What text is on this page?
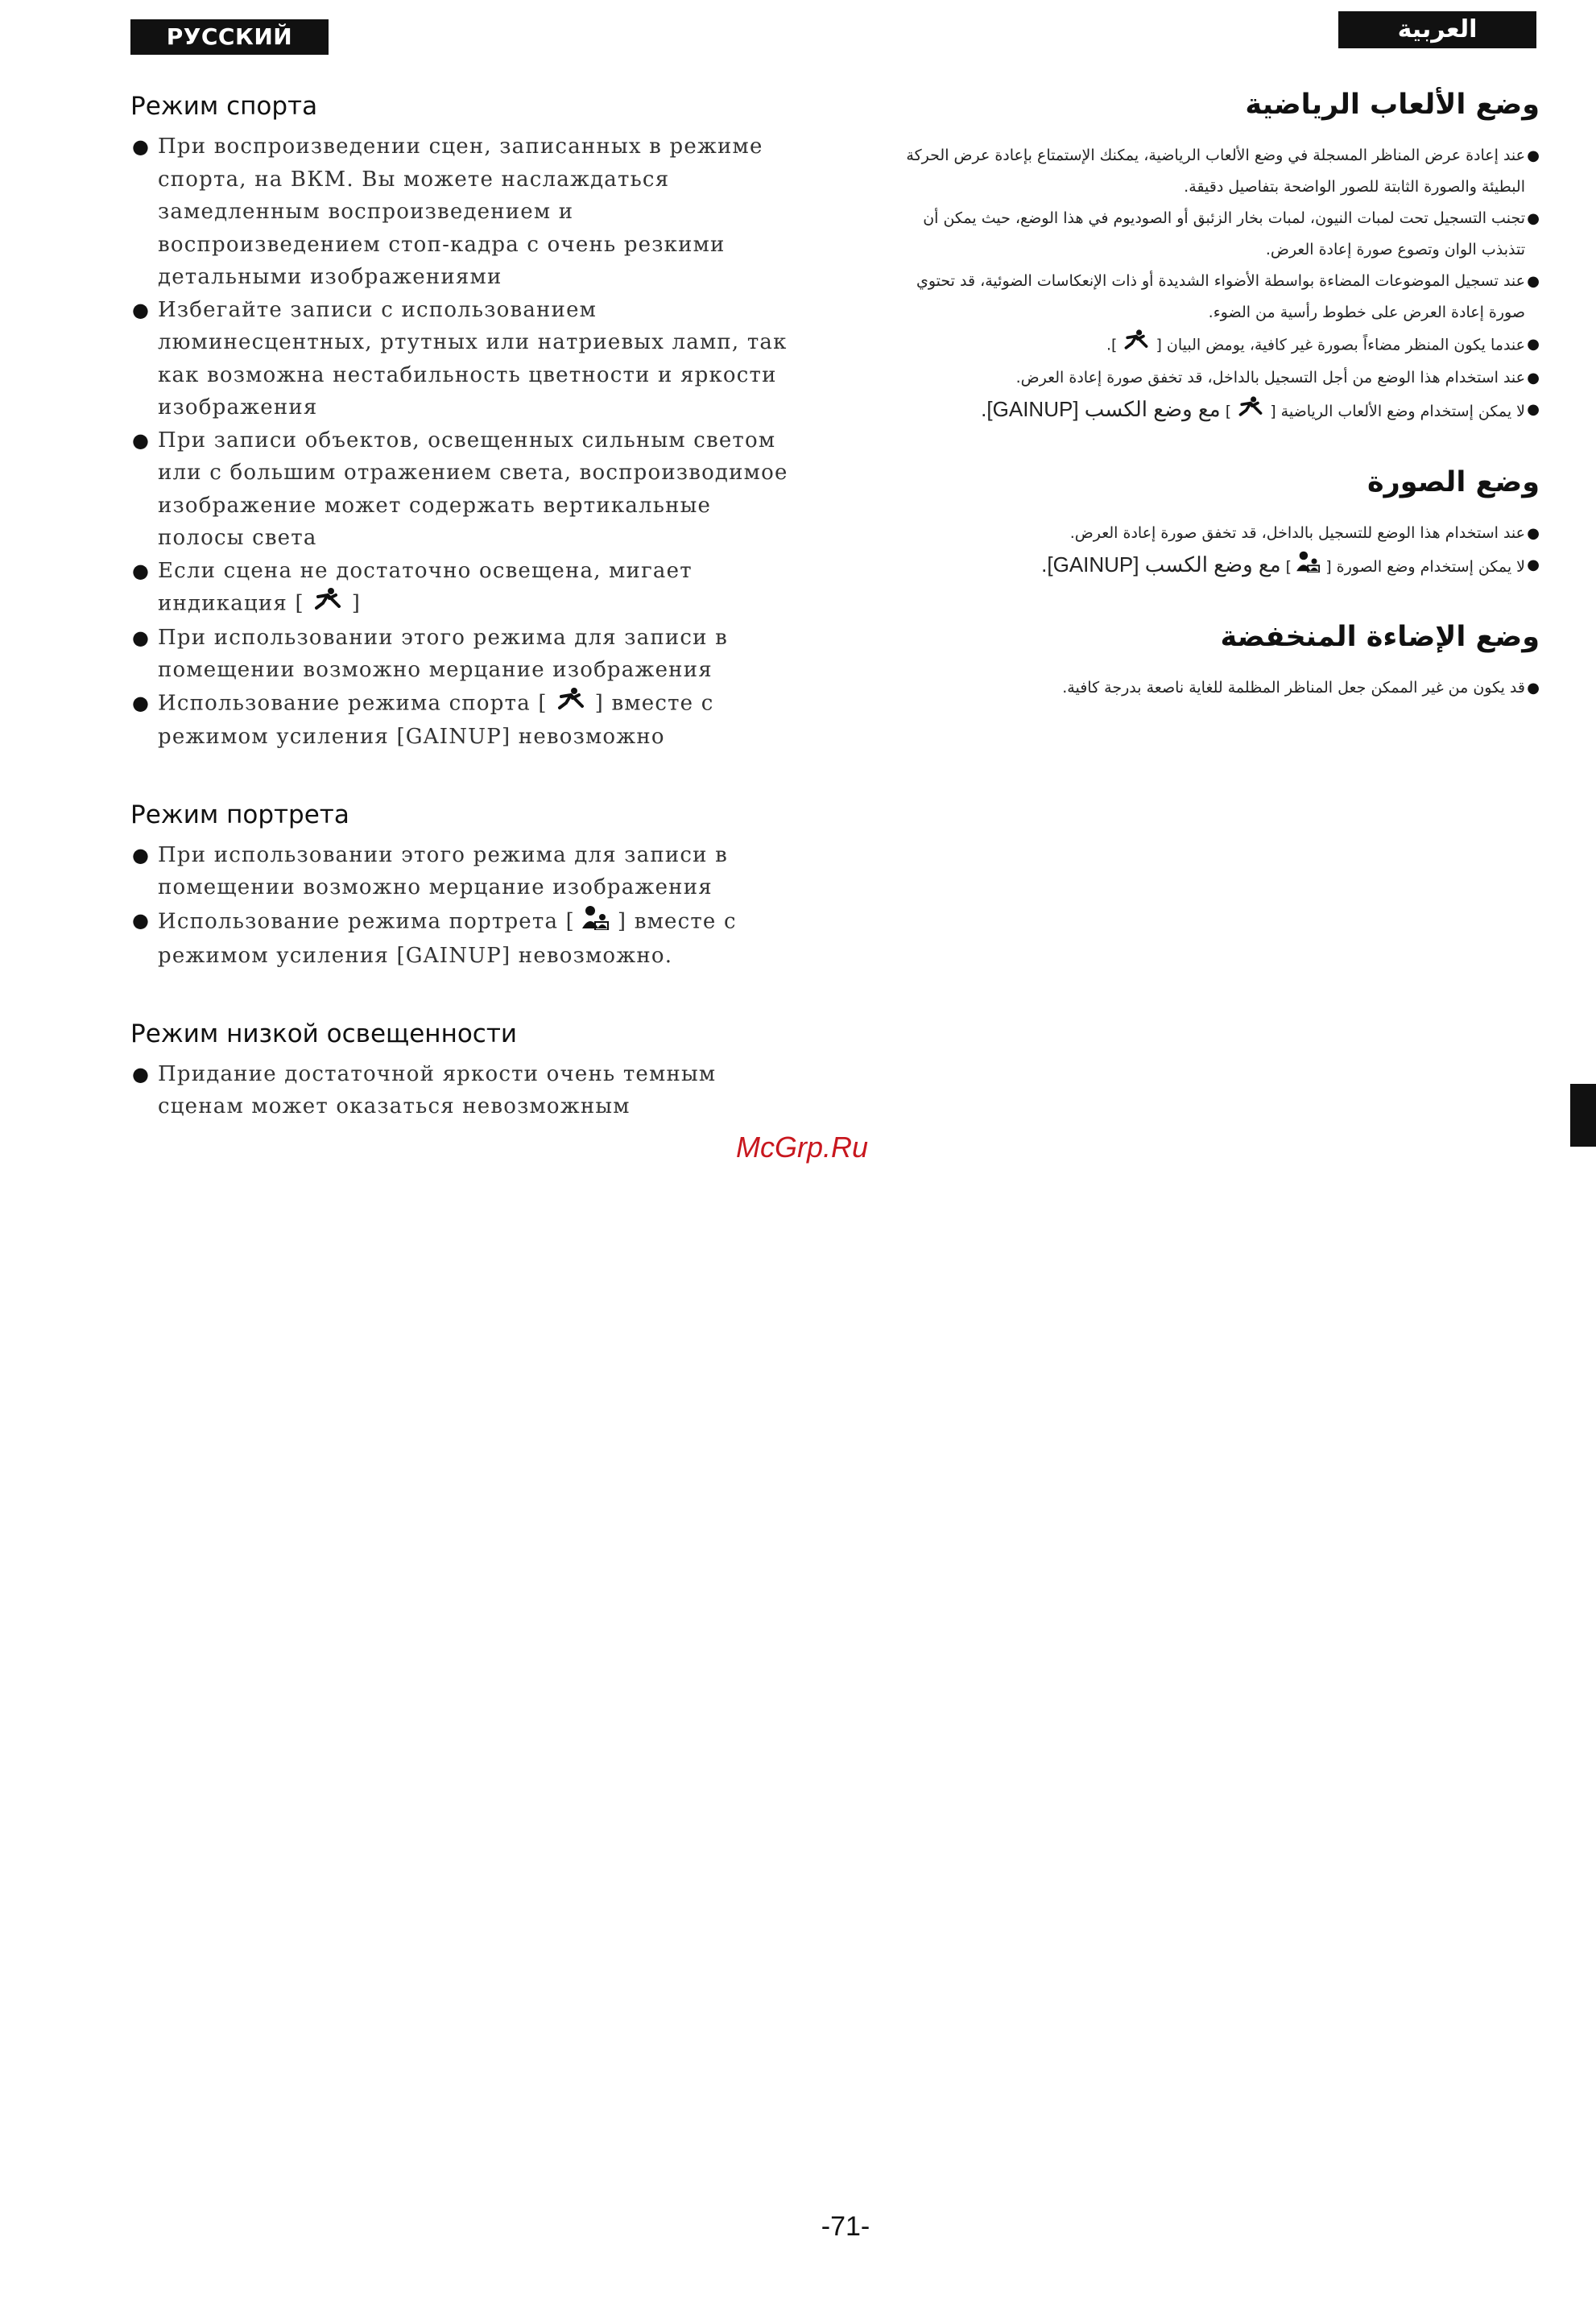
РУССКИЙ ЯЗЫК
العربية
Режим спорта
● При воспроизведении сцен, записанных в режиме спорта, на ВКМ. Вы можете наслаждаться замедленным воспроизведением и воспроизведением стоп-кадра с очень резкими детальными изображениями
● Избегайте записи с использованием люминесцентных, ртутных или натриевых ламп, так как возможна нестабильность цветности и яркости изображения
● При записи объектов, освещенных сильным светом или с большим отражением света, воспроизводимое изображение может содержать вертикальные полосы света
● Если сцена не достаточно освещена, мигает индикация [  ]
● При использовании этого режима для записи в помещении возможно мерцание изображения
● Использование режима спорта [  ] вместе с режимом усиления [GAINUP] невозможно
Режим портрета
● При использовании этого режима для записи в помещении возможно мерцание изображения
● Использование режима портрета [  ] вместе с режимом усиления [GAINUP] невозможно.
Режим низкой освещенности
● Придание достаточной яркости очень темным сценам может оказаться невозможным
وضع الألعاب الرياضية
●
عند إعادة عرض المناظر المسجلة في وضع الألعاب الرياضية، يمكنك الإستمتاع بإعادة عرض الحركة البطيئة والصورة الثابتة للصور الواضحة بتفاصيل دقيقة.
●
تجنب التسجيل تحت لمبات النيون، لمبات بخار الزئبق أو الصوديوم في هذا الوضع، حيث يمكن أن تتذبذب الوان وتصوع صورة إعادة العرض.
●
عند تسجيل الموضوعات المضاءة بواسطة الأضواء الشديدة أو ذات الإنعكاسات الضوئية، قد تحتوي صورة إعادة العرض على خطوط رأسية من الضوء.
●
عندما يكون المنظر مضاءاً بصورة غير كافية، يومض البيان [  ].
●
عند استخدام هذا الوضع من أجل التسجيل بالداخل، قد تخفق صورة إعادة العرض.
●
لا يمكن إستخدام وضع الألعاب الرياضية [  ] مع وضع الكسب [GAINUP].
وضع الصورة
●
عند استخدام هذا الوضع للتسجيل بالداخل، قد تخفق صورة إعادة العرض.
●
لا يمكن إستخدام وضع الصورة [  ] مع وضع الكسب [GAINUP].
وضع الإضاءة المنخفضة
●
قد يكون من غير الممكن جعل المناظر المظلمة للغاية ناصعة بدرجة كافية.
McGrp.Ru
-71-
